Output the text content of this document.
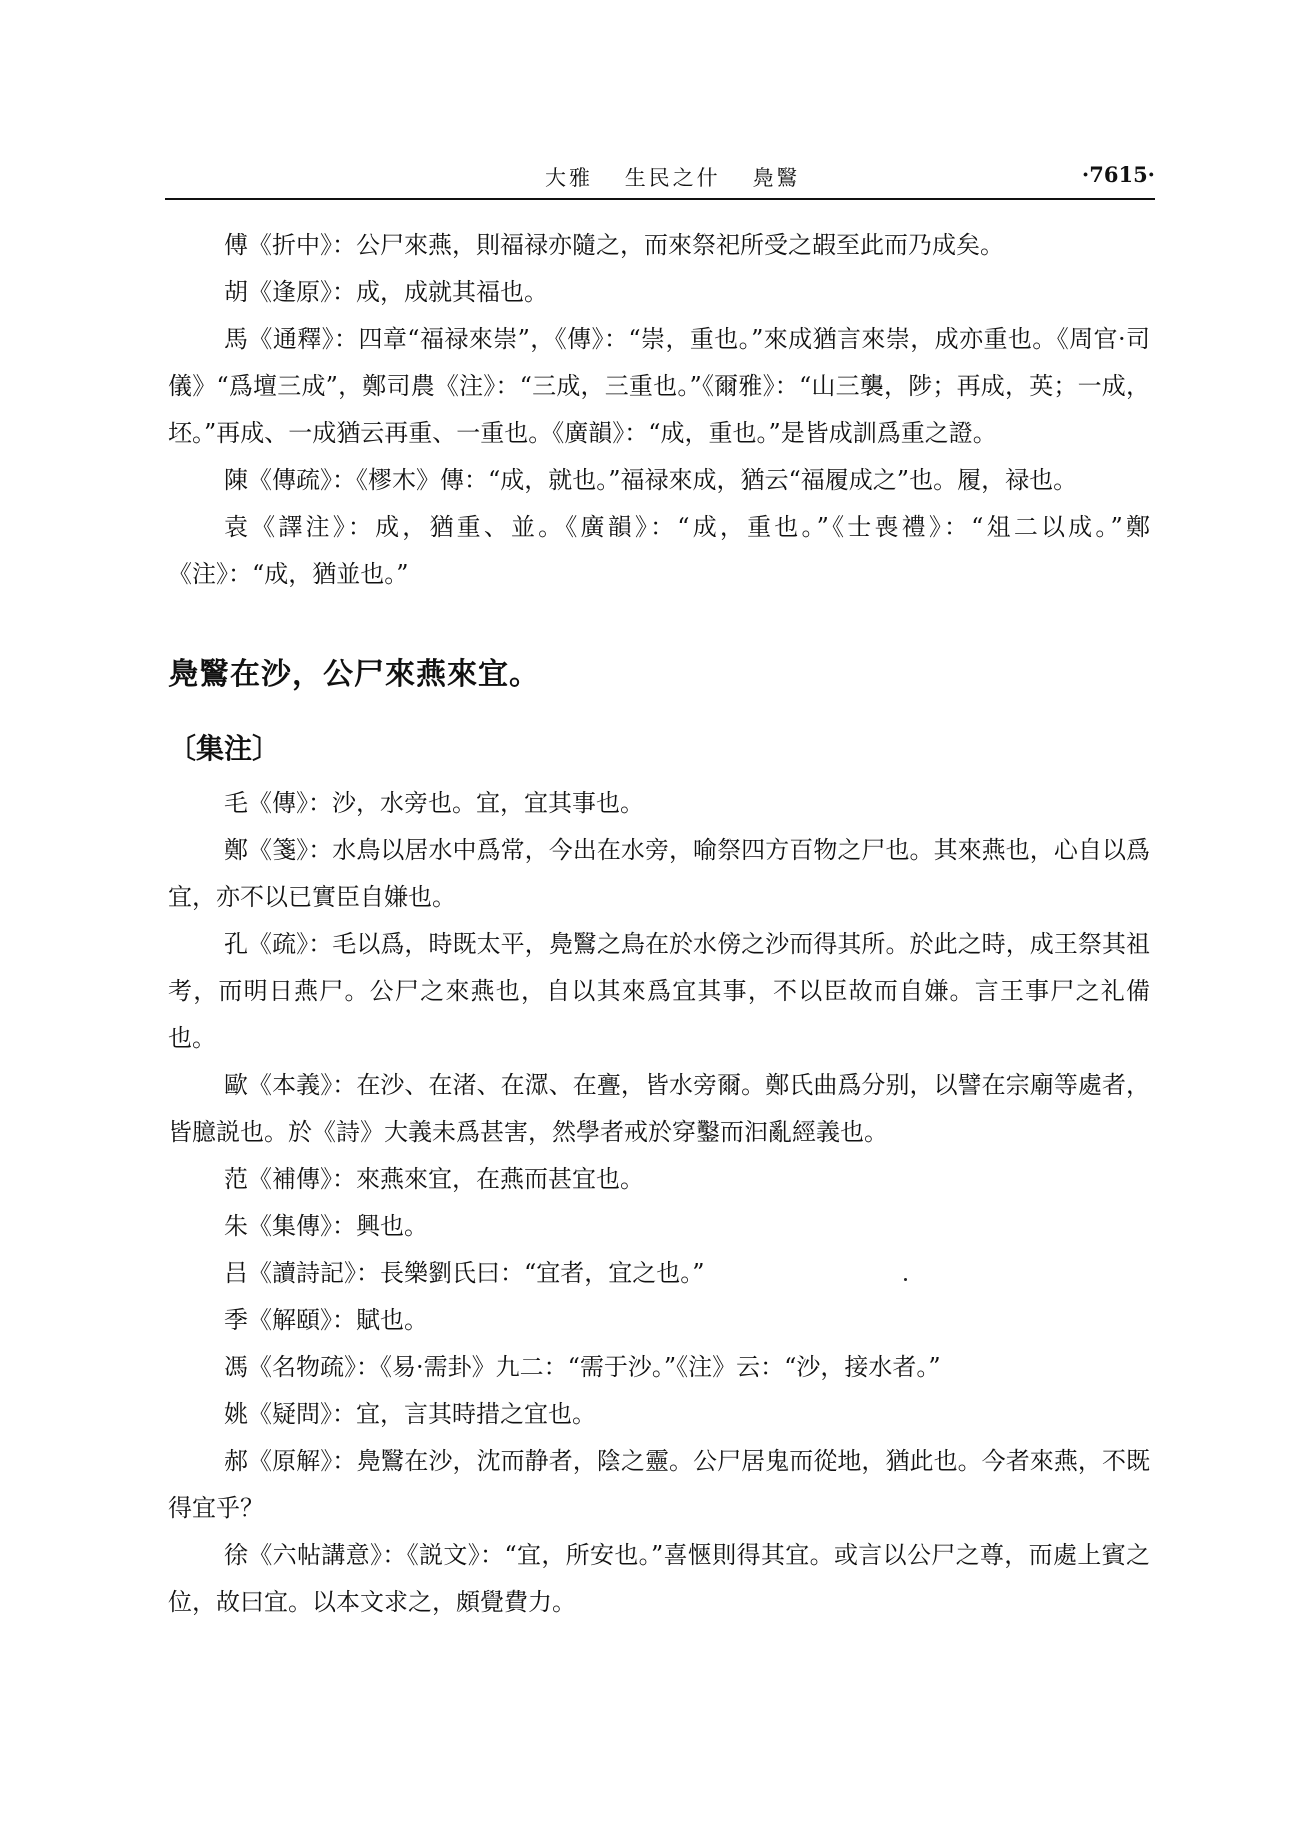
大雅 生民之什 鳧鷖	·7615·

傅《折中》：公尸來燕，則福禄亦隨之，而來祭祀所受之嘏至此而乃成矣。

胡《逢原》：成，成就其福也。

馬《通釋》：四章“福禄來崇”，《傳》：“崇，重也。”來成猶言來崇，成亦重也。《周官·司儀》“爲壇三成”，鄭司農《注》：“三成，三重也。”《爾雅》：“山三襲，陟；再成，英；一成，坯。”再成、一成猶云再重、一重也。《廣韻》：“成，重也。”是皆成訓爲重之證。

陳《傳疏》：《樛木》傳：“成，就也。”福禄來成，猶云“福履成之”也。履，禄也。

袁《譯注》：成，猶重、並。《廣韻》：“成，重也。”《士喪禮》：“俎二以成。”鄭《注》：“成，猶並也。”

鳧鷖在沙，公尸來燕來宜。
〔集注〕

毛《傳》：沙，水旁也。宜，宜其事也。

鄭《箋》：水鳥以居水中爲常，今出在水旁，喻祭四方百物之尸也。其來燕也，心自以爲宜，亦不以已實臣自嫌也。

孔《疏》：毛以爲，時既太平，鳧鷖之鳥在於水傍之沙而得其所。於此之時，成王祭其祖考，而明日燕尸。公尸之來燕也，自以其來爲宜其事，不以臣故而自嫌。言王事尸之礼備也。

歐《本義》：在沙、在渚、在潀、在亹，皆水旁爾。鄭氏曲爲分别，以譬在宗廟等處者，皆臆説也。於《詩》大義未爲甚害，然學者戒於穿鑿而汩亂經義也。

范《補傳》：來燕來宜，在燕而甚宜也。

朱《集傳》：興也。

吕《讀詩記》：長樂劉氏曰：“宜者，宜之也。”

季《解頤》：賦也。

馮《名物疏》：《易·需卦》九二：“需于沙。”《注》云：“沙，接水者。”

姚《疑問》：宜，言其時措之宜也。

郝《原解》：鳧鷖在沙，沈而静者，陰之靈。公尸居鬼而從地，猶此也。今者來燕，不既得宜乎？

徐《六帖講意》：《説文》：“宜，所安也。”喜愜則得其宜。或言以公尸之尊，而處上賓之位，故曰宜。以本文求之，頗覺費力。
